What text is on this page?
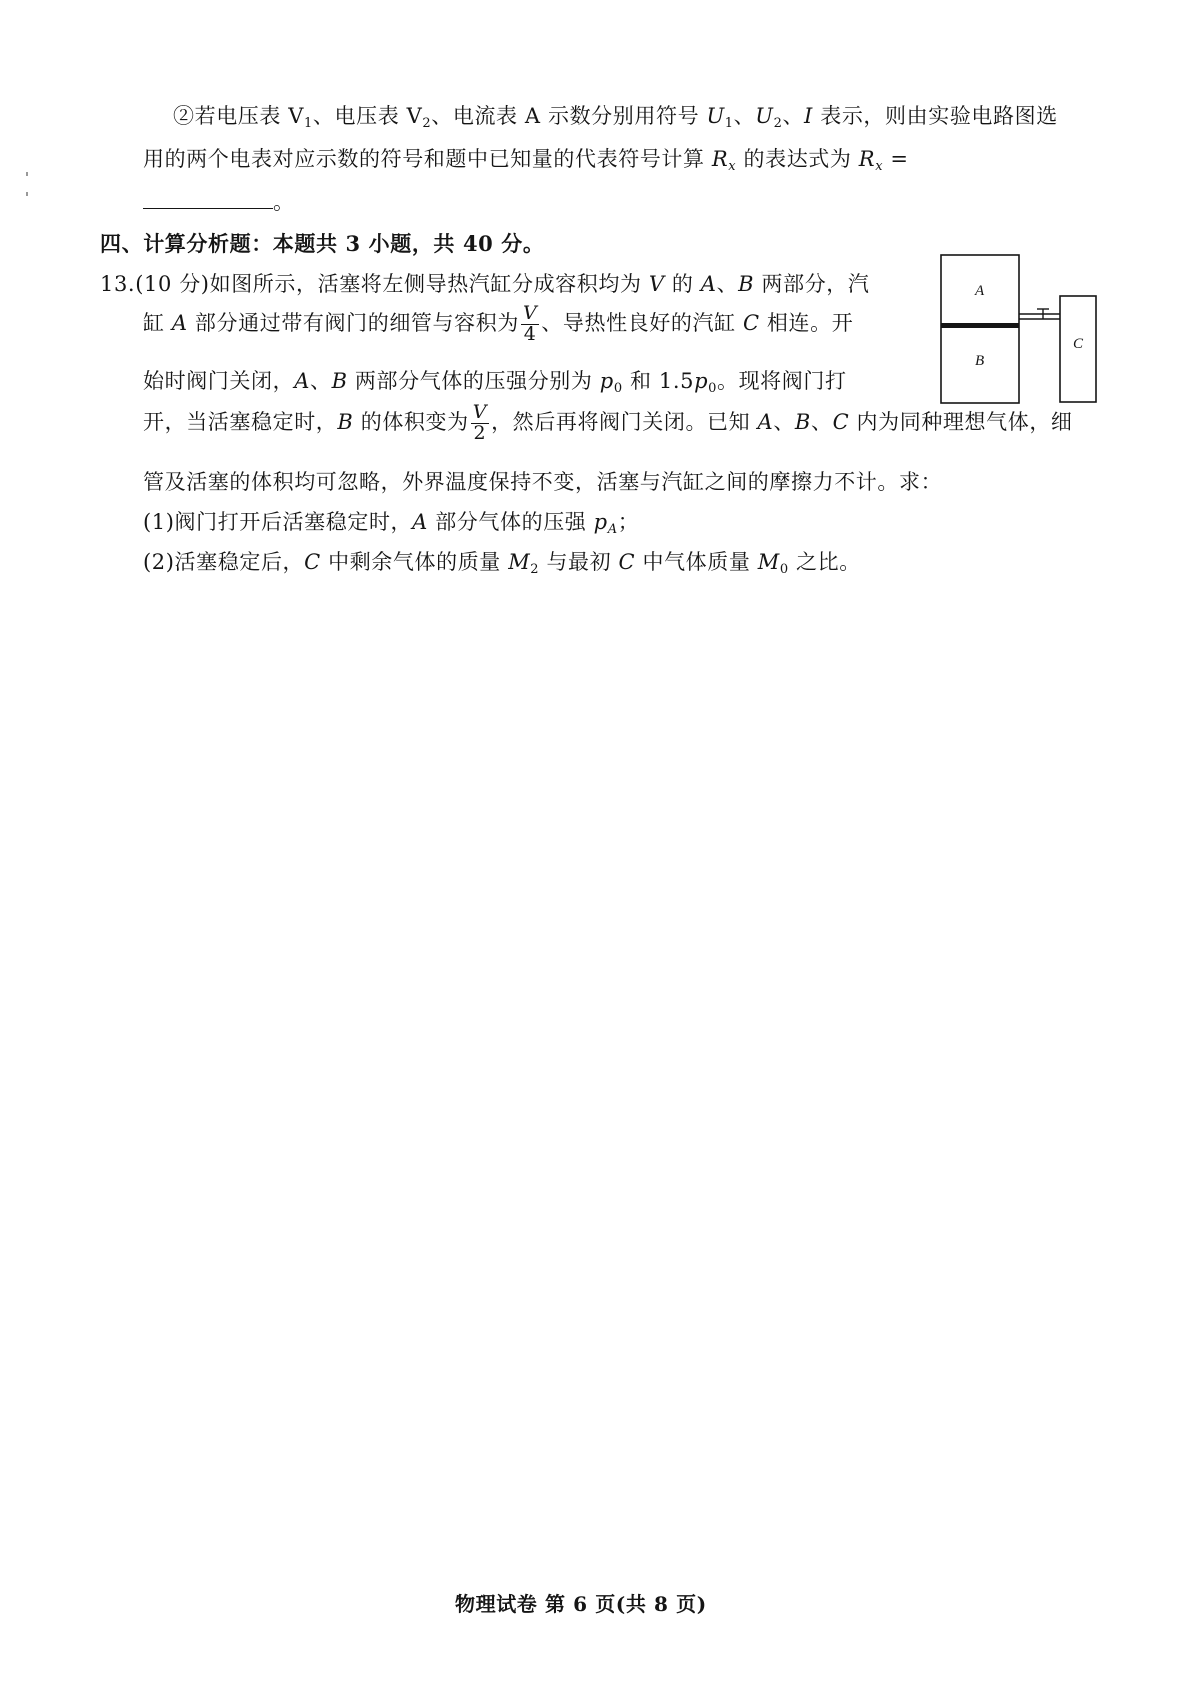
②若电压表 $V_1$、电压表 $V_2$、电流表 A 示数分别用符号 $U_1$、$U_2$、I 表示，则由实验电路图选
用的两个电表对应示数的符号和题中已知量的代表符号计算 $R_x$ 的表达式为 $R_x$ =
。
四、计算分析题：本题共 3 小题，共 40 分。
13.(10 分)如图所示，活塞将左侧导热汽缸分成容积均为 V 的 A、B 两部分，汽
缸 A 部分通过带有阀门的细管与容积为 $\frac{V}{4}$ 、导热性良好的汽缸 C 相连。开
始时阀门关闭，A、B 两部分气体的压强分别为 $p_0$ 和 $1.5p_0$。现将阀门打
开，当活塞稳定时，B 的体积变为 $\frac{V}{2}$ ，然后再将阀门关闭。已知 A、B、C 内为同种理想气体，细
管及活塞的体积均可忽略，外界温度保持不变，活塞与汽缸之间的摩擦力不计。求：
(1)阀门打开后活塞稳定时，A 部分气体的压强 $p_A$；
(2)活塞稳定后，C 中剩余气体的质量 $M_2$ 与最初 C 中气体质量 $M_0$ 之比。
A
B
C
物理试卷 第 6 页(共 8 页)
